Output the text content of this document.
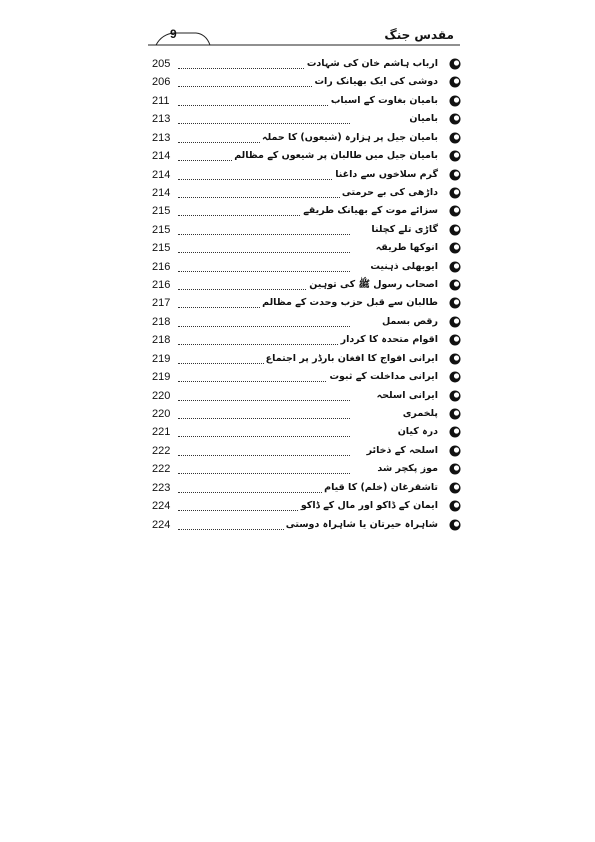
9	مقدس جنگ
205	ارباب ہاشم خان کی شہادت
206	دوشی کی ایک بھیانک رات
211	بامیان بغاوت کے اسباب
213	بامیان
213	بامیان جیل پر ہزارہ (شیعوں) کا حملہ
214	بامیان جیل میں طالبان پر شیعوں کے مظالم
214	گرم سلاخوں سے داغنا
214	داڑھی کی بے حرمتی
215	سزائے موت کے بھیانک طریقے
215	گاڑی تلے کچلنا
215	انوکھا طریقہ
216	ایوبھلی ذہنیت
216	اصحاب رسول ﷺ کی توہین
217	طالبان سے قبل حزب وحدت کے مظالم
218	رقص بسمل
218	اقوام متحدہ کا کردار
219	ایرانی افواج کا افغان بارڈر پر اجتماع
219	ایرانی مداخلت کے ثبوت
220	ایرانی اسلحہ
220	پلخمری
221	درہ کیان
222	اسلحہ کے ذخائر
222	موز پکچر شد
223	تاشقرغان (خلم) کا قیام
224	ایمان کے ڈاکو اور مال کے ڈاکو
224	شاہراہ حیرتان یا شاہراہ دوستی
